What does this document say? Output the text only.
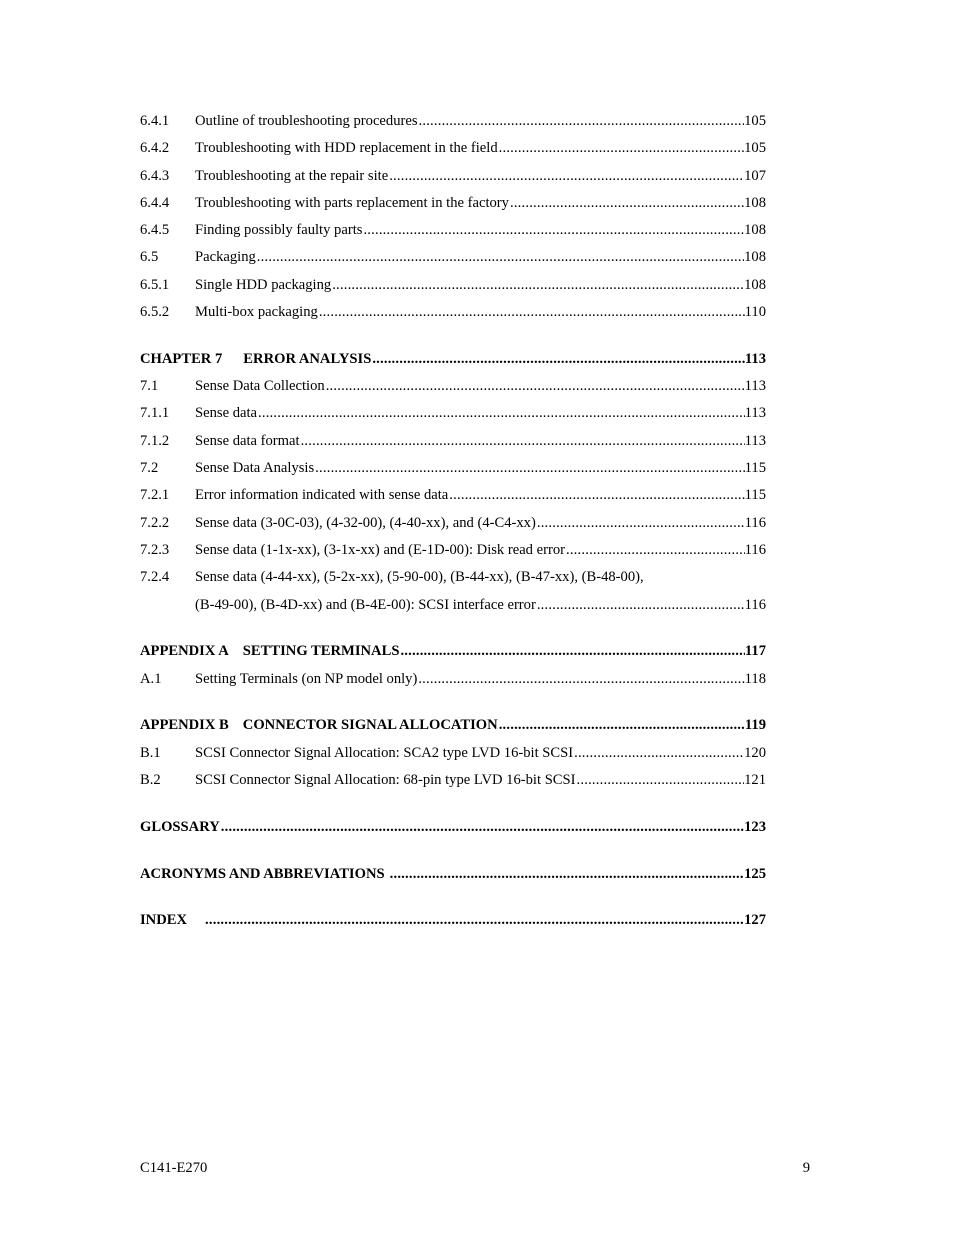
6.4.1	Outline of troubleshooting procedures .....	105
6.4.2	Troubleshooting with HDD replacement in the field .....	105
6.4.3	Troubleshooting at the repair site .....	107
6.4.4	Troubleshooting with parts replacement in the factory .....	108
6.4.5	Finding possibly faulty parts .....	108
6.5	Packaging .....	108
6.5.1	Single HDD packaging .....	108
6.5.2	Multi-box packaging .....	110
CHAPTER 7 ERROR ANALYSIS .....	113
7.1	Sense Data Collection .....	113
7.1.1	Sense data .....	113
7.1.2	Sense data format .....	113
7.2	Sense Data Analysis .....	115
7.2.1	Error information indicated with sense data .....	115
7.2.2	Sense data (3-0C-03), (4-32-00), (4-40-xx), and (4-C4-xx) .....	116
7.2.3	Sense data (1-1x-xx), (3-1x-xx) and (E-1D-00): Disk read error .....	116
7.2.4	Sense data (4-44-xx), (5-2x-xx), (5-90-00), (B-44-xx), (B-47-xx), (B-48-00),
(B-49-00), (B-4D-xx) and (B-4E-00): SCSI interface error .....	116
APPENDIX A SETTING TERMINALS .....	117
A.1	Setting Terminals (on NP model only) .....	118
APPENDIX B CONNECTOR SIGNAL ALLOCATION .....	119
B.1	SCSI Connector Signal Allocation: SCA2 type LVD 16-bit SCSI .....	120
B.2	SCSI Connector Signal Allocation: 68-pin type LVD 16-bit SCSI .....	121
GLOSSARY .....	123
ACRONYMS AND ABBREVIATIONS .....	125
INDEX .....	127
C141-E270	9
